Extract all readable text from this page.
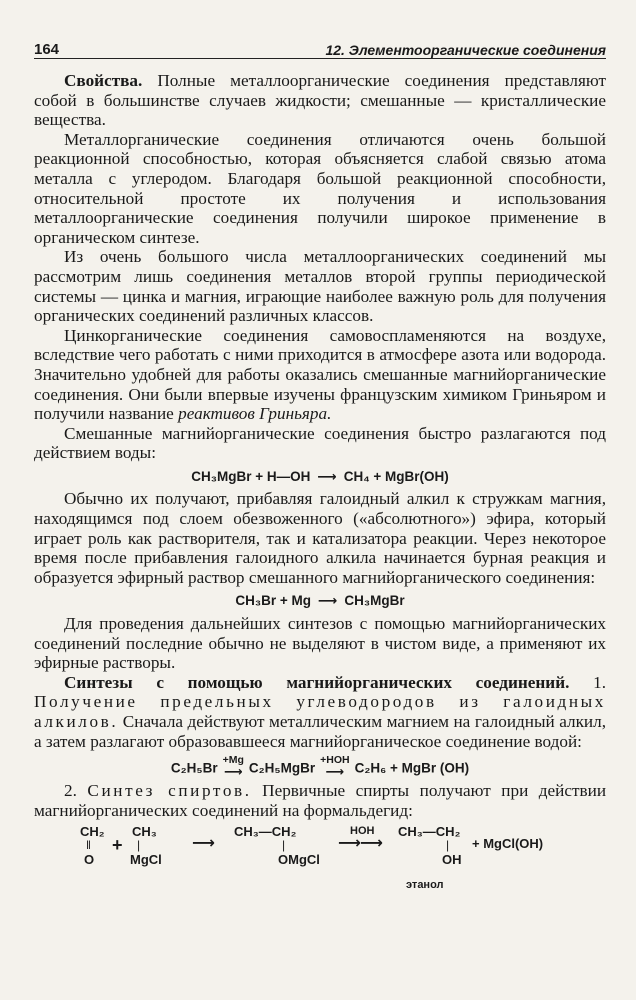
164	12. Элементоорганические соединения

Свойства. Полные металлоорганические соединения представляют собой в большинстве случаев жидкости; смешанные — кристаллические вещества.

Металлорганические соединения отличаются очень большой реакционной способностью, которая объясняется слабой связью атома металла с углеродом. Благодаря большой реакционной способности, относительной простоте их получения и использования металлоорганические соединения получили широкое применение в органическом синтезе.

Из очень большого числа металлоорганических соединений мы рассмотрим лишь соединения металлов второй группы периодической системы — цинка и магния, играющие наиболее важную роль для получения органических соединений различных классов.

Цинкорганические соединения самовоспламеняются на воздухе, вследствие чего работать с ними приходится в атмосфере азота или водорода. Значительно удобней для работы оказались смешанные магнийорганические соединения. Они были впервые изучены французским химиком Гриньяром и получили название реактивов Гриньяра.

Смешанные магнийорганические соединения быстро разлагаются под действием воды:

CH₃MgBr + H—OH ⟶ CH₄ + MgBr(OH)

Обычно их получают, прибавляя галоидный алкил к стружкам магния, находящимся под слоем обезвоженного («абсолютного») эфира, который играет роль как растворителя, так и катализатора реакции. Через некоторое время после прибавления галоидного алкила начинается бурная реакция и образуется эфирный раствор смешанного магнийорганического соединения:

CH₃Br + Mg ⟶ CH₃MgBr

Для проведения дальнейших синтезов с помощью магнийорганических соединений последние обычно не выделяют в чистом виде, а применяют их эфирные растворы.

Синтезы с помощью магнийорганических соединений. 1. Получение предельных углеводородов из галоидных алкилов. Сначала действуют металлическим магнием на галоидный алкил, а затем разлагают образовавшееся магнийорганическое соединение водой:

C₂H₅Br
+Mg
⟶ C₂H₅MgBr
+HOH
⟶ C₂H₆ + MgBr (OH)

2. Синтез спиртов. Первичные спирты получают при действии магнийорганических соединений на формальдегид:

CH₂
‖
O
+
CH₃
|
MgCl
⟶
CH₃—CH₂
|
OMgCl
HOH
⟶⟶
CH₃—CH₂
|
OH
+ MgCl(OH)
этанол
